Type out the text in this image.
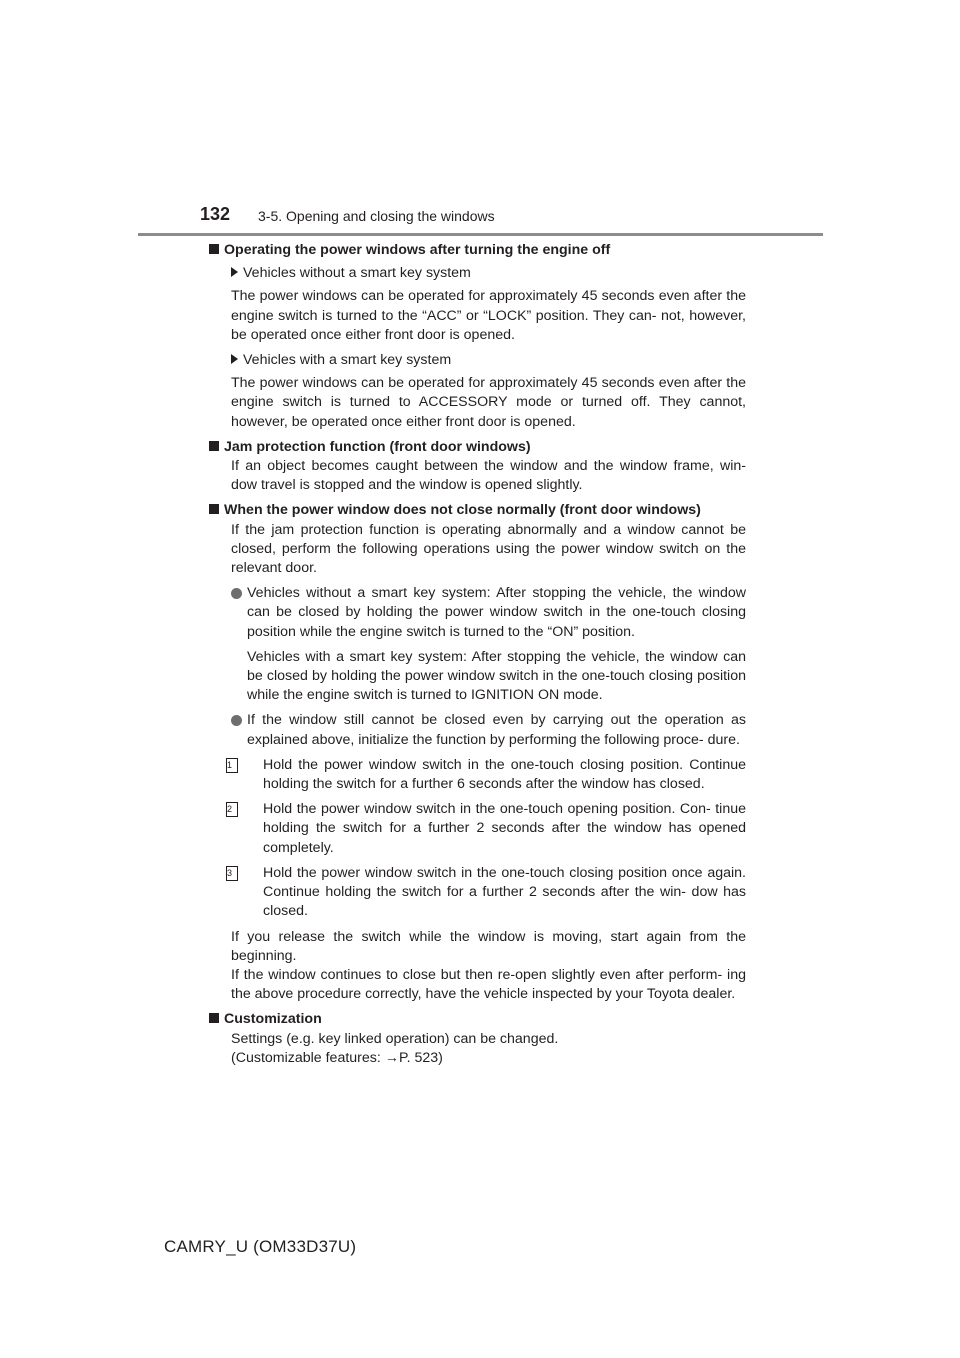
132 3-5. Opening and closing the windows
Operating the power windows after turning the engine off
Vehicles without a smart key system
The power windows can be operated for approximately 45 seconds even after the engine switch is turned to the “ACC” or “LOCK” position. They can- not, however, be operated once either front door is opened.
Vehicles with a smart key system
The power windows can be operated for approximately 45 seconds even after the engine switch is turned to ACCESSORY mode or turned off. They cannot, however, be operated once either front door is opened.
Jam protection function (front door windows)
If an object becomes caught between the window and the window frame, win- dow travel is stopped and the window is opened slightly.
When the power window does not close normally (front door windows)
If the jam protection function is operating abnormally and a window cannot be closed, perform the following operations using the power window switch on the relevant door.
Vehicles without a smart key system: After stopping the vehicle, the window can be closed by holding the power window switch in the one-touch closing position while the engine switch is turned to the “ON” position.
Vehicles with a smart key system: After stopping the vehicle, the window can be closed by holding the power window switch in the one-touch closing position while the engine switch is turned to IGNITION ON mode.
If the window still cannot be closed even by carrying out the operation as explained above, initialize the function by performing the following proce- dure.
1	Hold the power window switch in the one-touch closing position. Continue holding the switch for a further 6 seconds after the window has closed.
2	Hold the power window switch in the one-touch opening position. Con- tinue holding the switch for a further 2 seconds after the window has opened completely.
3	Hold the power window switch in the one-touch closing position once again. Continue holding the switch for a further 2 seconds after the win- dow has closed.
If you release the switch while the window is moving, start again from the beginning.
If the window continues to close but then re-open slightly even after perform- ing the above procedure correctly, have the vehicle inspected by your Toyota dealer.
Customization
Settings (e.g. key linked operation) can be changed.
(Customizable features: →P. 523)
CAMRY_U (OM33D37U)
